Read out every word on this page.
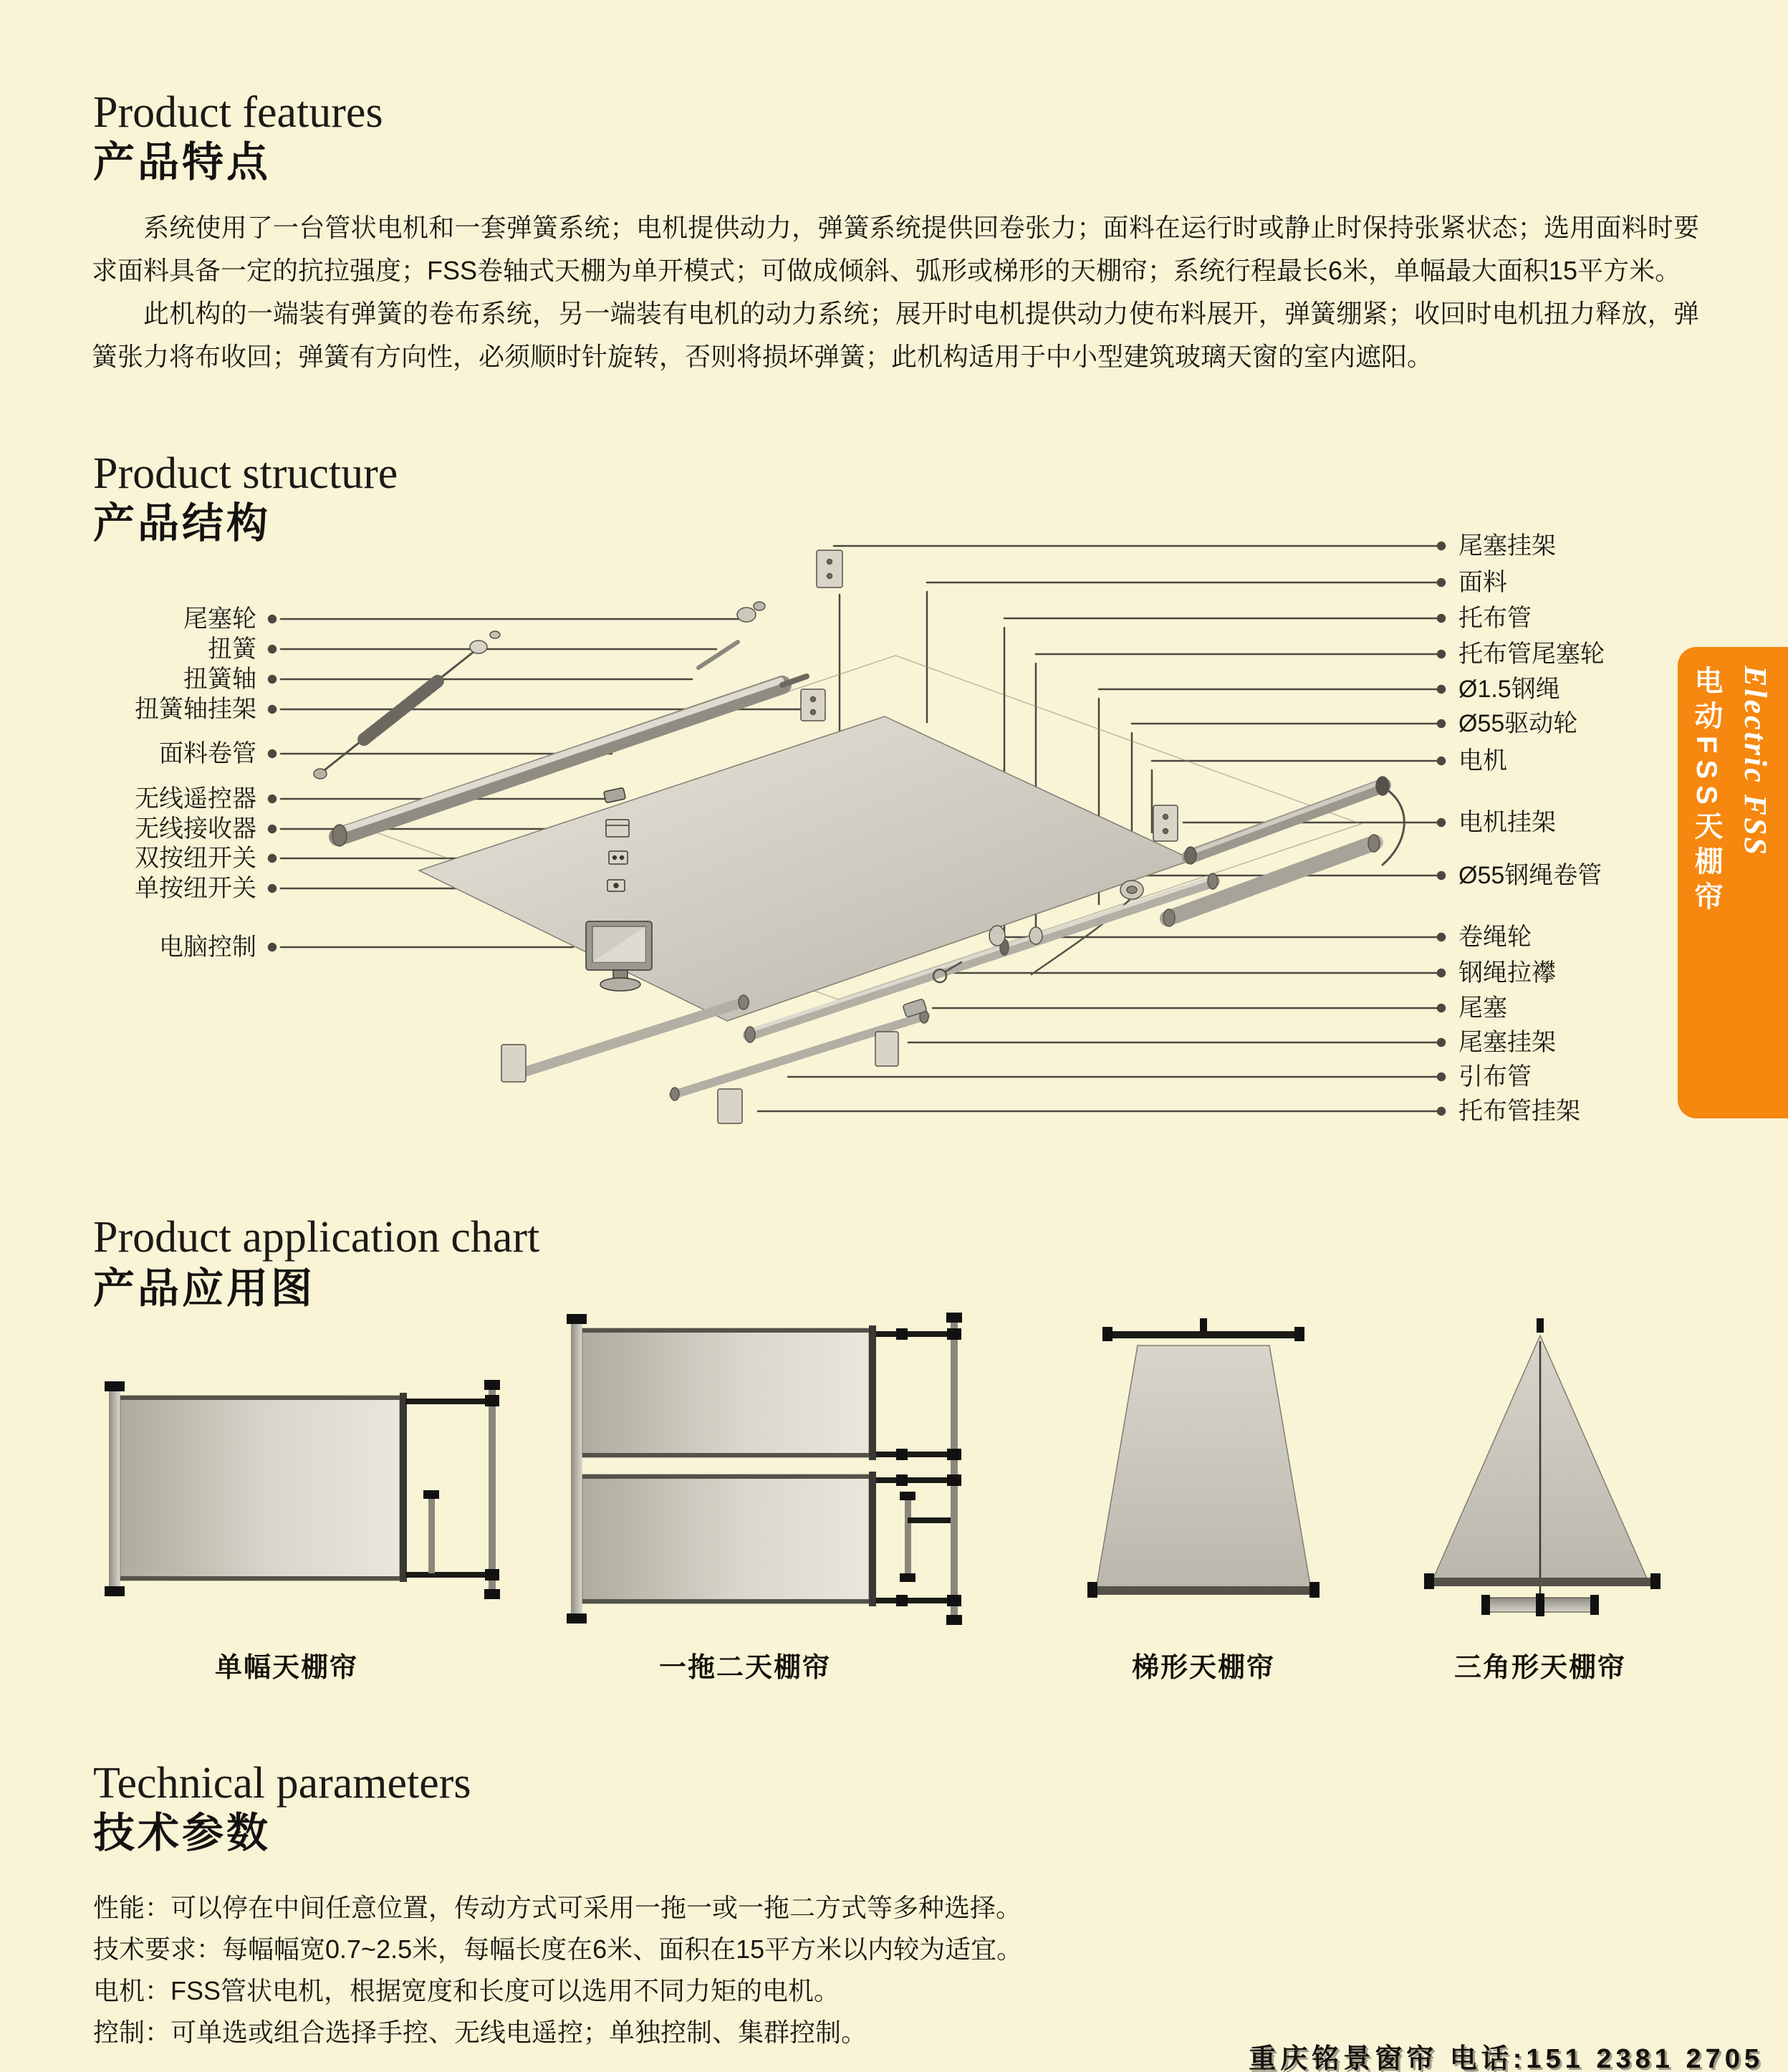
Product features
产品特点

系统使用了一台管状电机和一套弹簧系统；电机提供动力，弹簧系统提供回卷张力；面料在运行时或静止时保持张紧状态；选用面料时要求面料具备一定的抗拉强度；FSS卷轴式天棚为单开模式；可做成倾斜、弧形或梯形的天棚帘；系统行程最长6米，单幅最大面积15平方米。

此机构的一端装有弹簧的卷布系统，另一端装有电机的动力系统；展开时电机提供动力使布料展开，弹簧绷紧；收回时电机扭力释放，弹簧张力将布收回；弹簧有方向性，必须顺时针旋转，否则将损坏弹簧；此机构适用于中小型建筑玻璃天窗的室内遮阳。

Product structure
产品结构
尾塞轮
扭簧
扭簧轴
扭簧轴挂架
面料卷管
无线遥控器
无线接收器
双按纽开关
单按纽开关
电脑控制
尾塞挂架
面料
托布管
托布管尾塞轮
Ø1.5钢绳
Ø55驱动轮
电机
电机挂架
Ø55钢绳卷管
卷绳轮
钢绳拉襻
尾塞
尾塞挂架
引布管
托布管挂架
Product application chart
产品应用图
单幅天棚帘	一拖二天棚帘	梯形天棚帘	三角形天棚帘
Technical parameters
技术参数
性能：可以停在中间任意位置，传动方式可采用一拖一或一拖二方式等多种选择。
技术要求：每幅幅宽0.7~2.5米，每幅长度在6米、面积在15平方米以内较为适宜。
电机：FSS管状电机，根据宽度和长度可以选用不同力矩的电机。
控制：可单选或组合选择手控、无线电遥控；单独控制、集群控制。
Electric FSS
电动FSS天棚帘
重庆铭景窗帘 电话:151 2381 2705
